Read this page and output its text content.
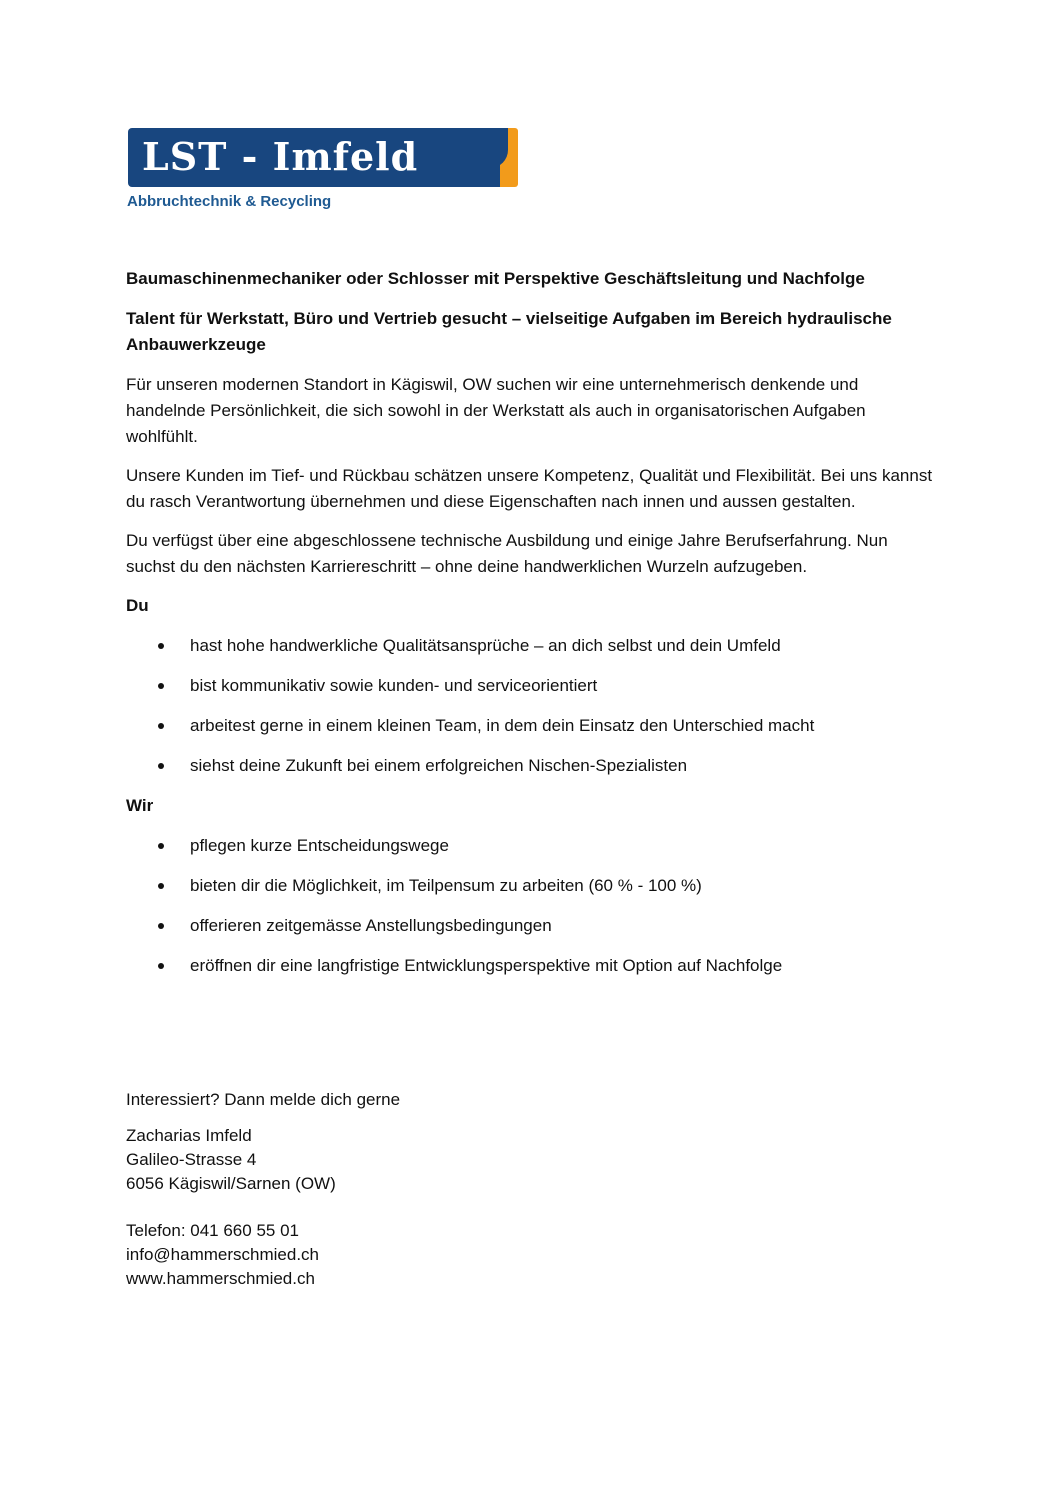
LST - Imfeld
Abbruchtechnik & Recycling

Baumaschinenmechaniker oder Schlosser mit Perspektive Geschäftsleitung und Nachfolge

Talent für Werkstatt, Büro und Vertrieb gesucht – vielseitige Aufgaben im Bereich hydraulische Anbauwerkzeuge

Für unseren modernen Standort in Kägiswil, OW suchen wir eine unternehmerisch denkende und handelnde Persönlichkeit, die sich sowohl in der Werkstatt als auch in organisatorischen Aufgaben wohlfühlt.

Unsere Kunden im Tief- und Rückbau schätzen unsere Kompetenz, Qualität und Flexibilität. Bei uns kannst du rasch Verantwortung übernehmen und diese Eigenschaften nach innen und aussen gestalten.

Du verfügst über eine abgeschlossene technische Ausbildung und einige Jahre Berufserfahrung. Nun suchst du den nächsten Karriereschritt – ohne deine handwerklichen Wurzeln aufzugeben.

Du

hast hohe handwerkliche Qualitätsansprüche – an dich selbst und dein Umfeld
bist kommunikativ sowie kunden- und serviceorientiert
arbeitest gerne in einem kleinen Team, in dem dein Einsatz den Unterschied macht
siehst deine Zukunft bei einem erfolgreichen Nischen-Spezialisten

Wir

pflegen kurze Entscheidungswege
bieten dir die Möglichkeit, im Teilpensum zu arbeiten (60 % - 100 %)
offerieren zeitgemässe Anstellungsbedingungen
eröffnen dir eine langfristige Entwicklungsperspektive mit Option auf Nachfolge
Interessiert? Dann melde dich gerne
Zacharias Imfeld
Galileo-Strasse 4
6056 Kägiswil/Sarnen (OW)
Telefon: 041 660 55 01
info@hammerschmied.ch
www.hammerschmied.ch
